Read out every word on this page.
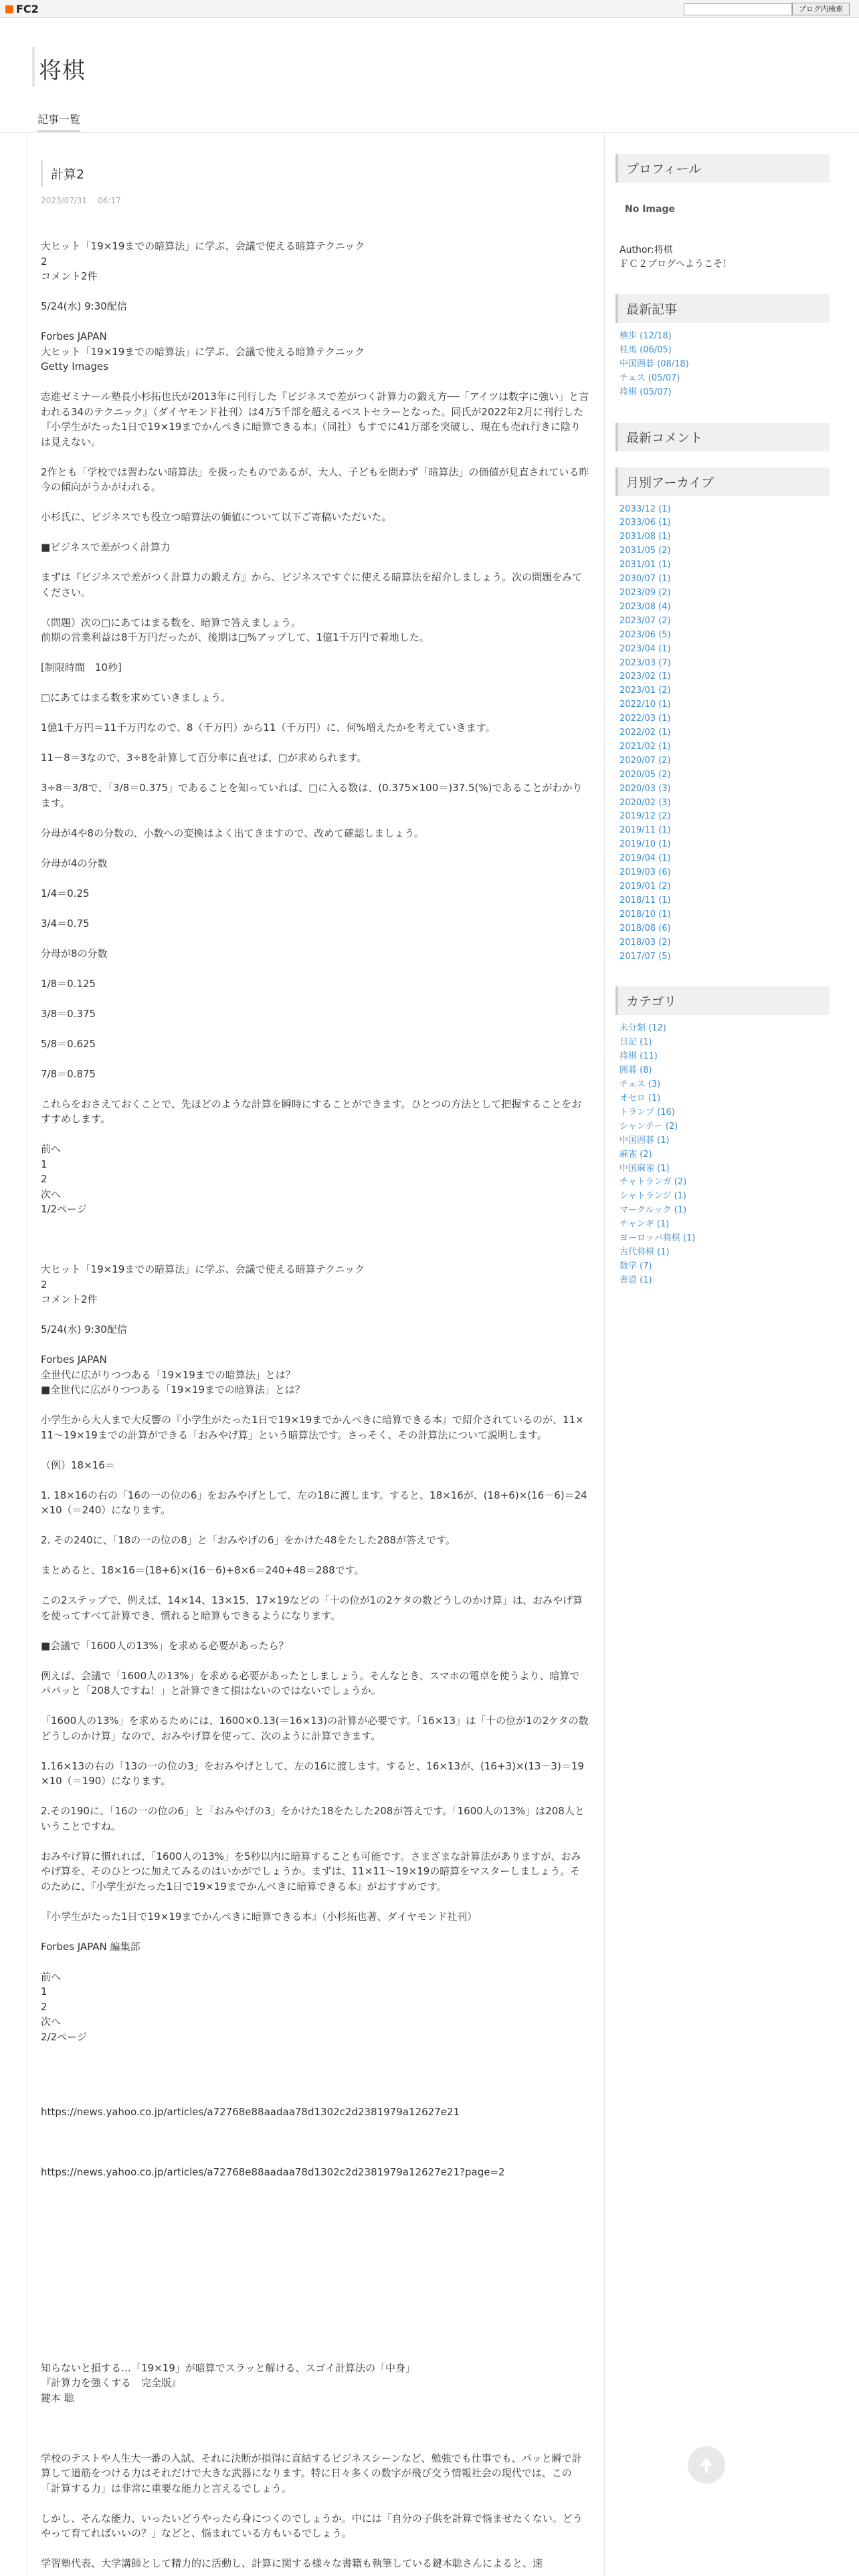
FC2	ブログ内検索
将棋
記事一覧
計算2
2023/07/31 06:17
大ヒット「19×19までの暗算法」に学ぶ、会議で使える暗算テクニック
2
コメント2件

5/24(水) 9:30配信

Forbes JAPAN
大ヒット「19×19までの暗算法」に学ぶ、会議で使える暗算テクニック
Getty Images

志進ゼミナール塾長小杉拓也氏が2013年に刊行した『ビジネスで差がつく計算力の鍛え方──「アイツは数字に強い」と言われる34のテクニック』（ダイヤモンド社刊）は4万5千部を超えるベストセラーとなった。同氏が2022年2月に刊行した『小学生がたった1日で19×19までかんぺきに暗算できる本』（同社）もすでに41万部を突破し、現在も売れ行きに陰りは見えない。

2作とも「学校では習わない暗算法」を扱ったものであるが、大人、子どもを問わず「暗算法」の価値が見直されている昨今の傾向がうかがわれる。

小杉氏に、ビジネスでも役立つ暗算法の価値について以下ご寄稿いただいた。

■ビジネスで差がつく計算力

まずは『ビジネスで差がつく計算力の鍛え方』から、ビジネスですぐに使える暗算法を紹介しましょう。次の問題をみてください。

（問題）次の□にあてはまる数を、暗算で答えましょう。
前期の営業利益は8千万円だったが、後期は□%アップして、1億1千万円で着地した。

[制限時間　10秒]

□にあてはまる数を求めていきましょう。

1億1千万円＝11千万円なので、8（千万円）から11（千万円）に、何%増えたかを考えていきます。

11－8＝3なので、3÷8を計算して百分率に直せば、□が求められます。

3÷8＝3/8で、「3/8＝0.375」であることを知っていれば、□に入る数は、(0.375×100＝)37.5(%)であることがわかります。

分母が4や8の分数の、小数への変換はよく出てきますので、改めて確認しましょう。

分母が4の分数

1/4＝0.25

3/4＝0.75

分母が8の分数

1/8＝0.125

3/8＝0.375

5/8＝0.625

7/8＝0.875

これらをおさえておくことで、先ほどのような計算を瞬時にすることができます。ひとつの方法として把握することをおすすめします。

前へ
1
2
次へ
1/2ページ

大ヒット「19×19までの暗算法」に学ぶ、会議で使える暗算テクニック
2
コメント2件

5/24(水) 9:30配信

Forbes JAPAN
全世代に広がりつつある「19×19までの暗算法」とは？
■全世代に広がりつつある「19×19までの暗算法」とは？

小学生から大人まで大反響の『小学生がたった1日で19×19までかんぺきに暗算できる本』で紹介されているのが、11×11～19×19までの計算ができる「おみやげ算」という暗算法です。さっそく、その計算法について説明します。

（例）18×16＝

1. 18×16の右の「16の一の位の6」をおみやげとして、左の18に渡します。すると、18×16が、(18+6)×(16－6)＝24×10（＝240）になります。

2. その240に、「18の一の位の8」と「おみやげの6」をかけた48をたした288が答えです。

まとめると、18×16＝(18+6)×(16－6)+8×6＝240+48＝288です。

この2ステップで、例えば、14×14、13×15、17×19などの「十の位が1の2ケタの数どうしのかけ算」は、おみやげ算を使ってすべて計算でき、慣れると暗算もできるようになります。

■会議で「1600人の13%」を求める必要があったら？

例えば、会議で「1600人の13%」を求める必要があったとしましょう。そんなとき、スマホの電卓を使うより、暗算でパパッと「208人ですね！」と計算できて損はないのではないでしょうか。

「1600人の13%」を求めるためには、1600×0.13(＝16×13)の計算が必要です。「16×13」は「十の位が1の2ケタの数どうしのかけ算」なので、おみやげ算を使って、次のように計算できます。

1.16×13の右の「13の一の位の3」をおみやげとして、左の16に渡します。すると、16×13が、(16+3)×(13－3)＝19×10（＝190）になります。

2.その190に、「16の一の位の6」と「おみやげの3」をかけた18をたした208が答えです。「1600人の13%」は208人ということですね。

おみやげ算に慣れれば、「1600人の13%」を5秒以内に暗算することも可能です。さまざまな計算法がありますが、おみやげ算を、そのひとつに加えてみるのはいかがでしょうか。まずは、11×11～19×19の暗算をマスターしましょう。そのために、『小学生がたった1日で19×19までかんぺきに暗算できる本』がおすすめです。

『小学生がたった1日で19×19までかんぺきに暗算できる本』（小杉拓也著、ダイヤモンド社刊）

Forbes JAPAN 編集部

前へ
1
2
次へ
2/2ページ

https://news.yahoo.co.jp/articles/a72768e88aadaa78d1302c2d2381979a12627e21

https://news.yahoo.co.jp/articles/a72768e88aadaa78d1302c2d2381979a12627e21?page=2

知らないと損する…「19×19」が暗算でスラッと解ける、スゴイ計算法の「中身」
『計算力を強くする　完全版』
鍵本 聡

学校のテストや人生大一番の入試、それに決断が損得に直結するビジネスシーンなど、勉強でも仕事でも、パッと瞬で計算して道筋をつける力はそれだけで大きな武器になります。特に日々多くの数字が飛び交う情報社会の現代では、この「計算する力」は非常に重要な能力と言えるでしょう。

しかし、そんな能力、いったいどうやったら身につくのでしょうか。中には「自分の子供を計算で悩ませたくない。どうやって育てればいいの？」などと、悩まれている方もいるでしょう。

学習塾代表、大学講師として精力的に活動し、計算に関する様々な書籍も執筆している鍵本聡さんによると、速
プロフィール
No Image
Author:将棋
ＦＣ２ブログへようこそ！
最新記事
横歩 (12/18)
桂馬 (06/05)
中国囲碁 (08/18)
チェス (05/07)
将棋 (05/07)
最新コメント
月別アーカイブ
2033/12 (1)
2033/06 (1)
2031/08 (1)
2031/05 (2)
2031/01 (1)
2030/07 (1)
2023/09 (2)
2023/08 (4)
2023/07 (2)
2023/06 (5)
2023/04 (1)
2023/03 (7)
2023/02 (1)
2023/01 (2)
2022/10 (1)
2022/03 (1)
2022/02 (1)
2021/02 (1)
2020/07 (2)
2020/05 (2)
2020/03 (3)
2020/02 (3)
2019/12 (2)
2019/11 (1)
2019/10 (1)
2019/04 (1)
2019/03 (6)
2019/01 (2)
2018/11 (1)
2018/10 (1)
2018/08 (6)
2018/03 (2)
2017/07 (5)
カテゴリ
未分類 (12)
日記 (1)
将棋 (11)
囲碁 (8)
チェス (3)
オセロ (1)
トランプ (16)
シャンチー (2)
中国囲碁 (1)
麻雀 (2)
中国麻雀 (1)
チャトランガ (2)
シャトランジ (1)
マークルック (1)
チャンギ (1)
ヨーロッパ将棋 (1)
古代将棋 (1)
数学 (7)
書道 (1)
